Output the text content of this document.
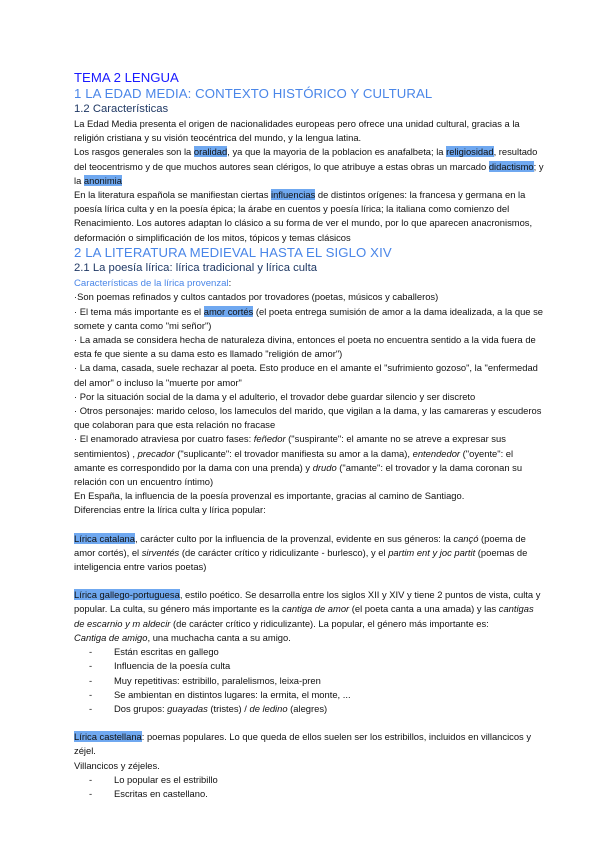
TEMA 2 LENGUA
1 LA EDAD MEDIA: CONTEXTO HISTÓRICO Y CULTURAL
1.2 Características

La Edad Media presenta el origen de nacionalidades europeas pero ofrece una unidad cultural, gracias a la religión cristiana y su visión teocéntrica del mundo, y la lengua latina.

Los rasgos generales son la oralidad, ya que la mayoria de la poblacion es anafalbeta; la religiosidad, resultado del teocentrismo y de que muchos autores sean clérigos, lo que atribuye a estas obras un marcado didactismo; y la anonimia

En la literatura española se manifiestan ciertas influencias de distintos orígenes: la francesa y germana en la poesía lírica culta y en la poesía épica; la árabe en cuentos y poesía lírica; la italiana como comienzo del Renacimiento. Los autores adaptan lo clásico a su forma de ver el mundo, por lo que aparecen anacronismos, deformación o simplificación de los mitos, tópicos y temas clásicos

2 LA LITERATURA MEDIEVAL HASTA EL SIGLO XIV
2.1 La poesía lírica: lírica tradicional y lírica culta

Características de la lírica provenzal:

·Son poemas refinados y cultos cantados por trovadores (poetas, músicos y caballeros)

· El tema más importante es el amor cortés (el poeta entrega sumisión de amor a la dama idealizada, a la que se somete y canta como "mi señor")

· La amada se considera hecha de naturaleza divina, entonces el poeta no encuentra sentido a la vida fuera de esta fe que siente a su dama esto es llamado "religión de amor")

· La dama, casada, suele rechazar al poeta. Esto produce en el amante el "sufrimiento gozoso", la "enfermedad del amor" o incluso la "muerte por amor"

· Por la situación social de la dama y el adulterio, el trovador debe guardar silencio y ser discreto

· Otros personajes: marido celoso, los lameculos del marido, que vigilan a la dama, y las camareras y escuderos que colaboran para que esta relación no fracase

· El enamorado atraviesa por cuatro fases: feñedor ("suspirante": el amante no se atreve a expresar sus sentimientos) , precador ("suplicante": el trovador manifiesta su amor a la dama), entendedor ("oyente": el amante es correspondido por la dama con una prenda) y drudo ("amante": el trovador y la dama coronan su relación con un encuentro íntimo)

En España, la influencia de la poesía provenzal es importante, gracias al camino de Santiago.

Diferencias entre la lírica culta y lírica popular:

Lírica catalana, carácter culto por la influencia de la provenzal, evidente en sus géneros: la cançó (poema de amor cortés), el sirventés (de carácter crítico y ridiculizante - burlesco), y el partim ent y joc partit (poemas de inteligencia entre varios poetas)

Lírica gallego-portuguesa, estilo poético. Se desarrolla entre los siglos XII y XIV y tiene 2 puntos de vista, culta y popular. La culta, su género más importante es la cantiga de amor (el poeta canta a una amada) y las cantigas de escarnio y m aldecir (de carácter crítico y ridiculizante). La popular, el género más importante es:

Cantiga de amigo, una muchacha canta a su amigo.

- Están escritas en gallego
- Influencia de la poesía culta
- Muy repetitivas: estribillo, paralelismos, leixa-pren
- Se ambientan en distintos lugares: la ermita, el monte, ...
- Dos grupos: guayadas (tristes) / de ledino (alegres)

Lírica castellana: poemas populares. Lo que queda de ellos suelen ser los estribillos, incluidos en villancicos y zéjel.

Villancicos y zéjeles.

- Lo popular es el estribillo
- Escritas en castellano.
